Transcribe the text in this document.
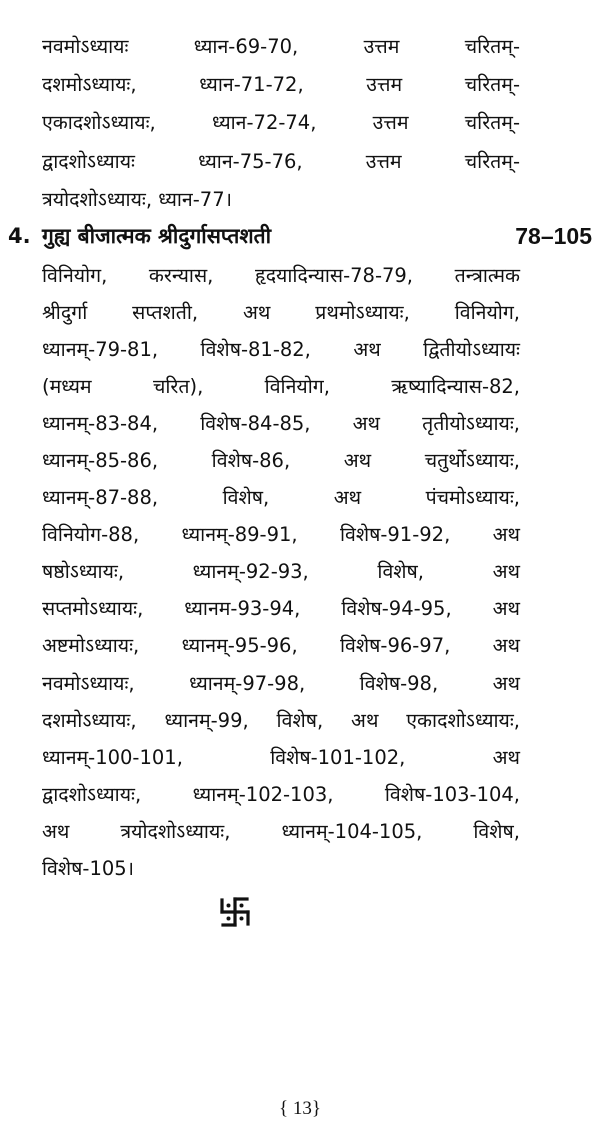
नवमोऽध्यायः ध्यान-69-70, उत्तम चरितम्-
दशमोऽध्यायः, ध्यान-71-72, उत्तम चरितम्-
एकादशोऽध्यायः, ध्यान-72-74, उत्तम चरितम्-
द्वादशोऽध्यायः ध्यान-75-76, उत्तम चरितम्-
त्रयोदशोऽध्यायः, ध्यान-77।
4. गुह्य बीजात्मक श्रीदुर्गासप्तशती	78–105
विनियोग, करन्यास, हृदयादिन्यास-78-79, तन्त्रात्मक
श्रीदुर्गा सप्तशती, अथ प्रथमोऽध्यायः, विनियोग,
ध्यानम्-79-81, विशेष-81-82, अथ द्वितीयोऽध्यायः
(मध्यम चरित), विनियोग, ऋष्यादिन्यास-82,
ध्यानम्-83-84, विशेष-84-85, अथ तृतीयोऽध्यायः,
ध्यानम्-85-86, विशेष-86, अथ चतुर्थोऽध्यायः,
ध्यानम्-87-88, विशेष, अथ पंचमोऽध्यायः,
विनियोग-88, ध्यानम्-89-91, विशेष-91-92, अथ
षष्ठोऽध्यायः, ध्यानम्-92-93, विशेष, अथ
सप्तमोऽध्यायः, ध्यानम-93-94, विशेष-94-95, अथ
अष्टमोऽध्यायः, ध्यानम्-95-96, विशेष-96-97, अथ
नवमोऽध्यायः, ध्यानम्-97-98, विशेष-98, अथ
दशमोऽध्यायः, ध्यानम्-99, विशेष, अथ एकादशोऽध्यायः,
ध्यानम्-100-101, विशेष-101-102, अथ
द्वादशोऽध्यायः, ध्यानम्-102-103, विशेष-103-104,
अथ त्रयोदशोऽध्यायः, ध्यानम्-104-105, विशेष,
विशेष-105।
{ 13}
